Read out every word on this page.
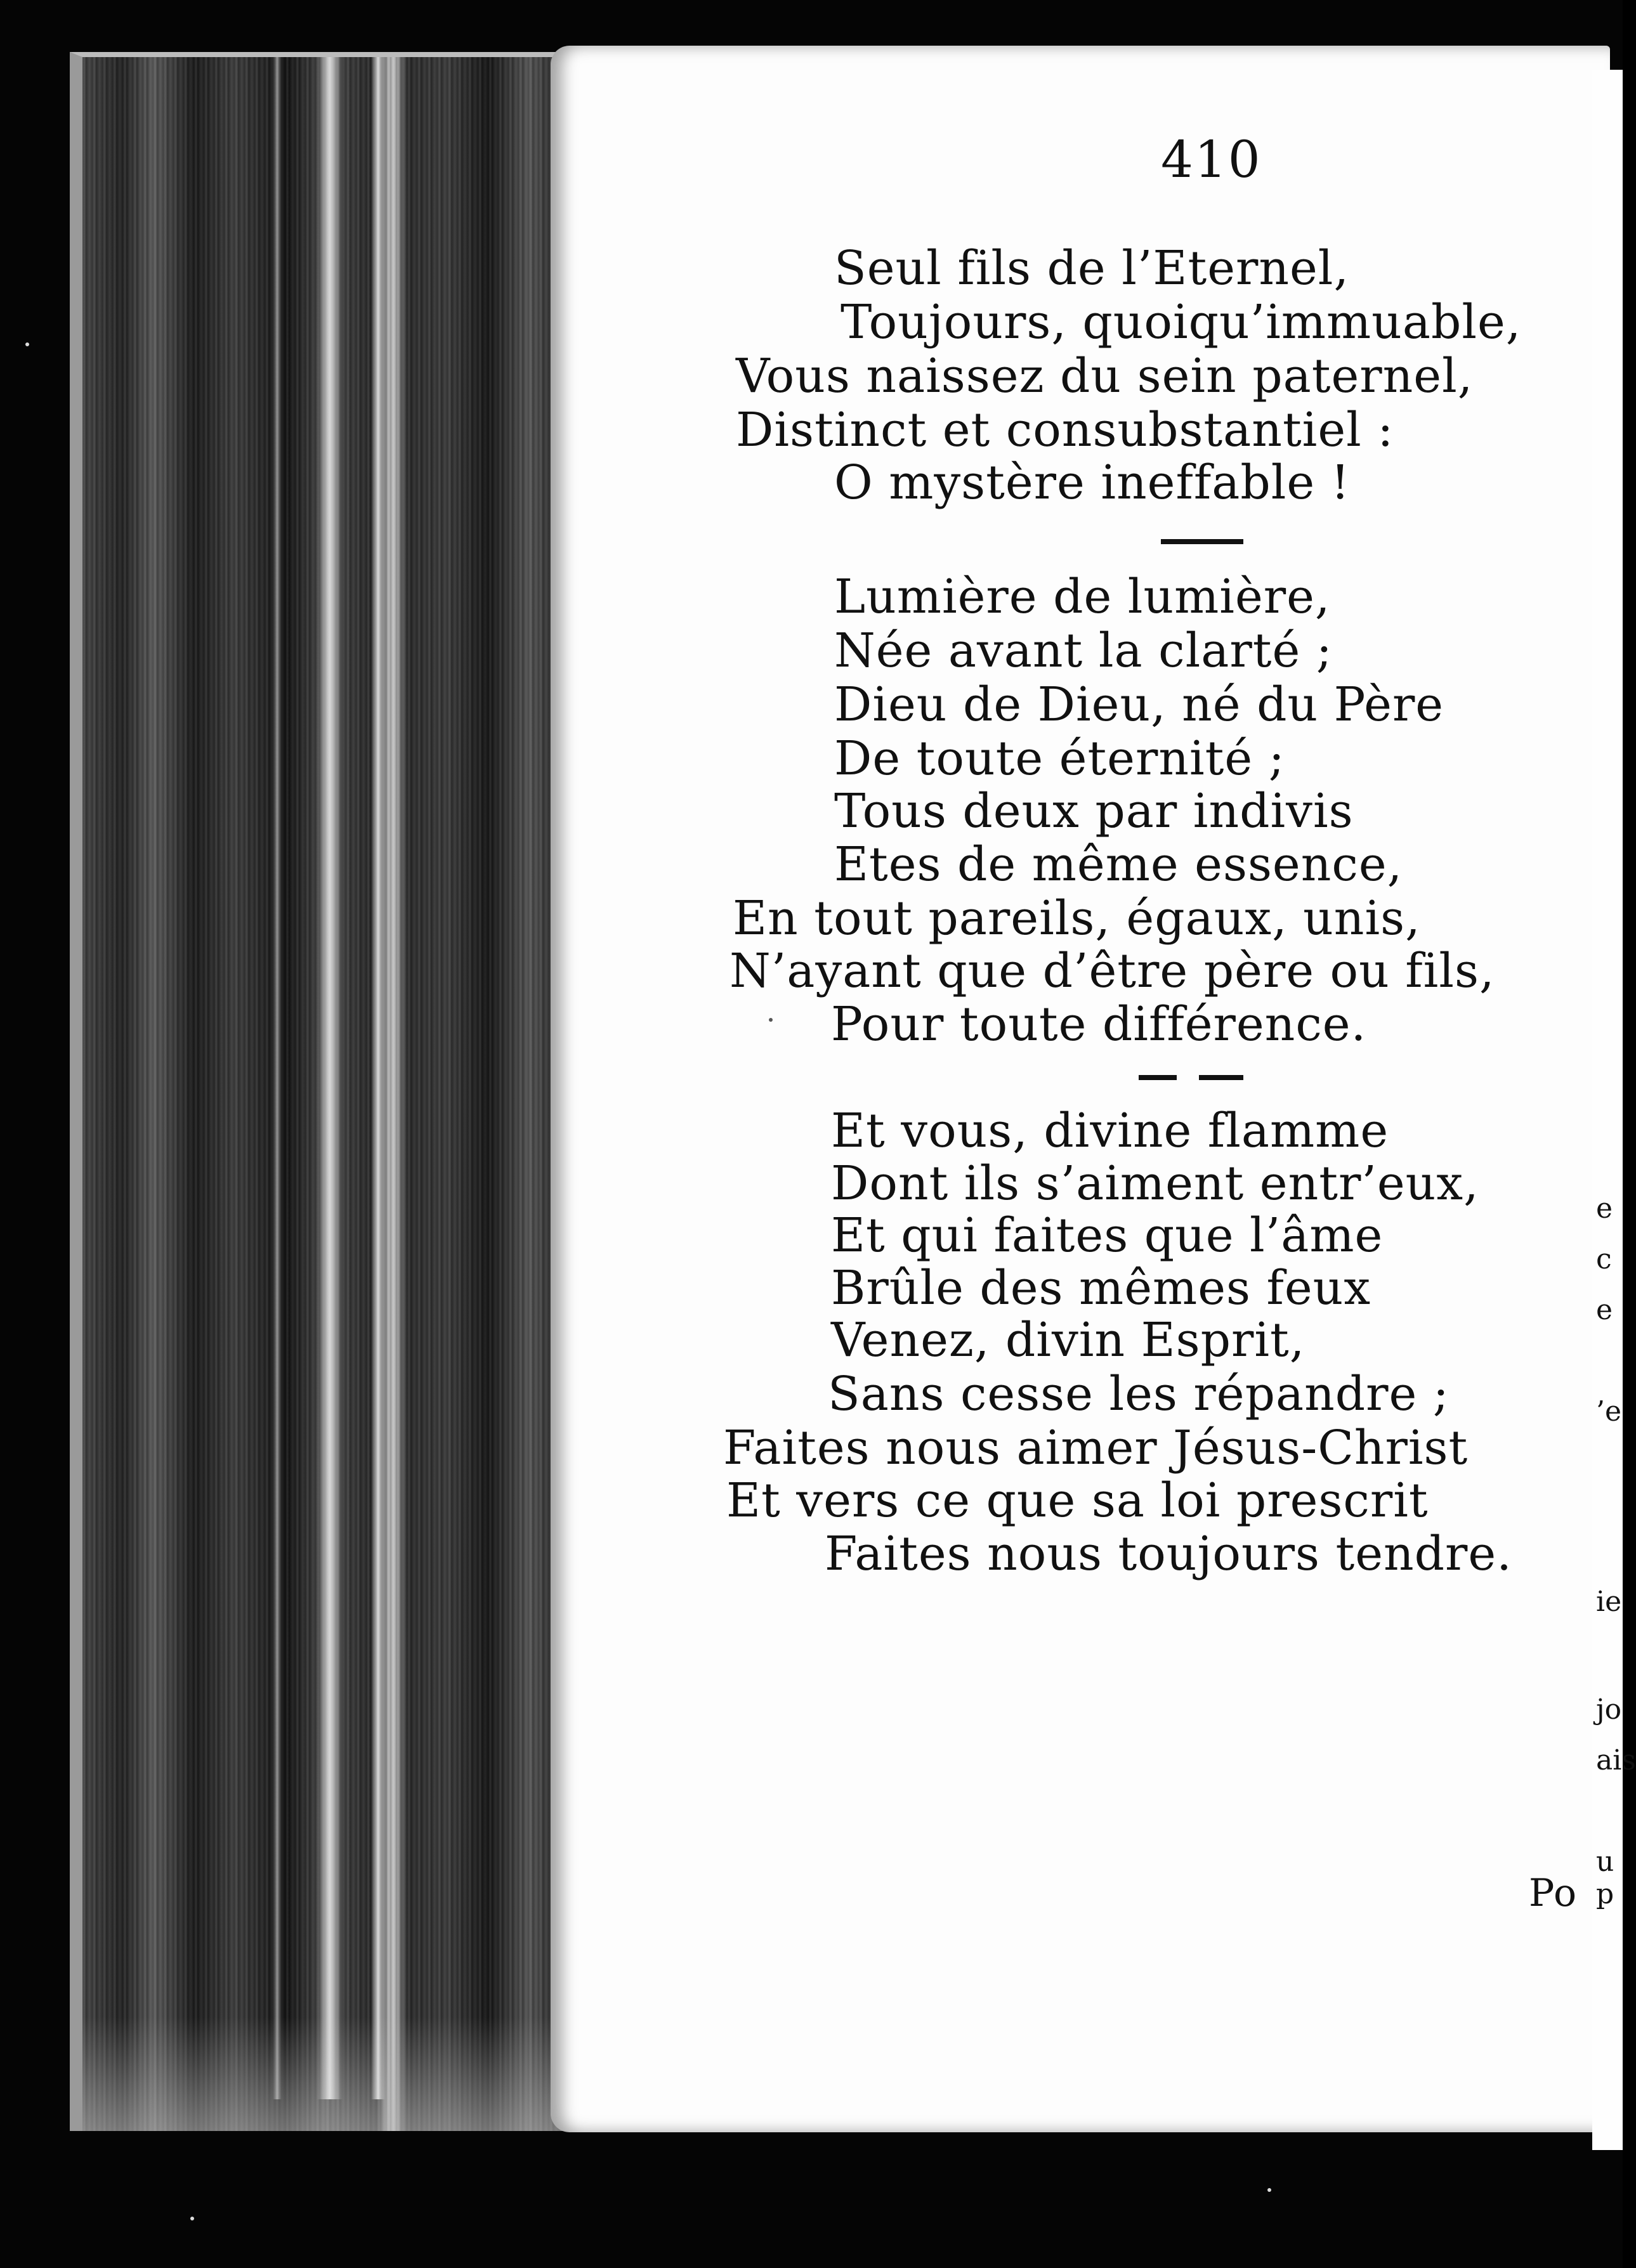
e
c
e
’e
ie
jo
ais
u p
Po
410
Seul fils de l’Eternel,
Toujours, quoiqu’immuable,
Vous naissez du sein paternel,
Distinct et consubstantiel :
O mystère ineffable !
Lumière de lumière,
Née avant la clarté ;
Dieu de Dieu, né du Père
De toute éternité ;
Tous deux par indivis
Etes de même essence,
En tout pareils, égaux, unis,
N’ayant que d’être père ou fils,
Pour toute différence.
Et vous, divine flamme
Dont ils s’aiment entr’eux,
Et qui faites que l’âme
Brûle des mêmes feux
Venez, divin Esprit,
Sans cesse les répandre ;
Faites nous aimer Jésus-Christ
Et vers ce que sa loi prescrit
Faites nous toujours tendre.
